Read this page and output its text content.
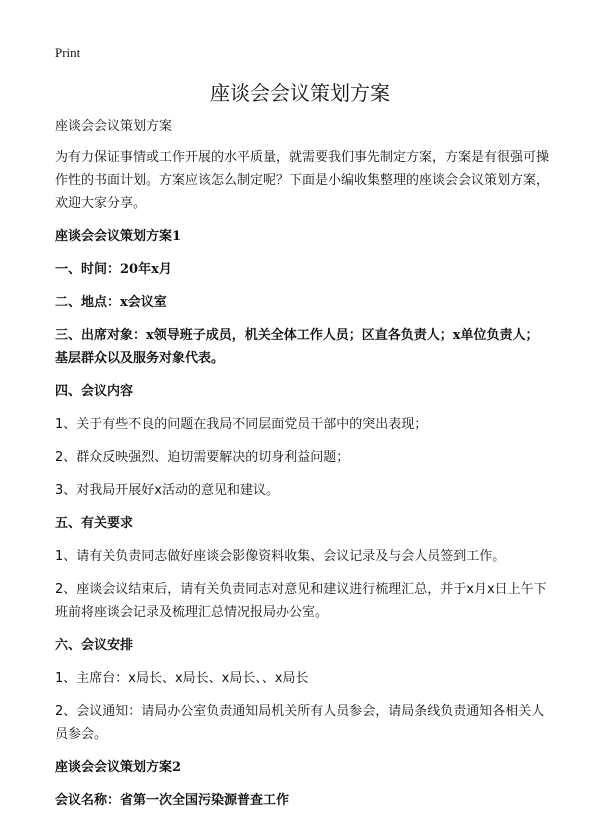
Print
座谈会会议策划方案

座谈会会议策划方案

为有力保证事情或工作开展的水平质量，就需要我们事先制定方案，方案是有很强可操作性的书面计划。方案应该怎么制定呢？下面是小编收集整理的座谈会会议策划方案，欢迎大家分享。

座谈会会议策划方案1

一、时间：20年x月

二、地点：x会议室

三、出席对象：x领导班子成员，机关全体工作人员；区直各负责人；x单位负责人；基层群众以及服务对象代表。

四、会议内容

1、关于有些不良的问题在我局不同层面党员干部中的突出表现；

2、群众反映强烈、迫切需要解决的切身利益问题；

3、对我局开展好x活动的意见和建议。

五、有关要求

1、请有关负责同志做好座谈会影像资料收集、会议记录及与会人员签到工作。

2、座谈会议结束后，请有关负责同志对意见和建议进行梳理汇总，并于x月x日上午下班前将座谈会记录及梳理汇总情况报局办公室。

六、会议安排

1、主席台：x局长、x局长、x局长、、x局长

2、会议通知：请局办公室负责通知局机关所有人员参会，请局条线负责通知各相关人员参会。

座谈会会议策划方案2

会议名称：省第一次全国污染源普查工作
